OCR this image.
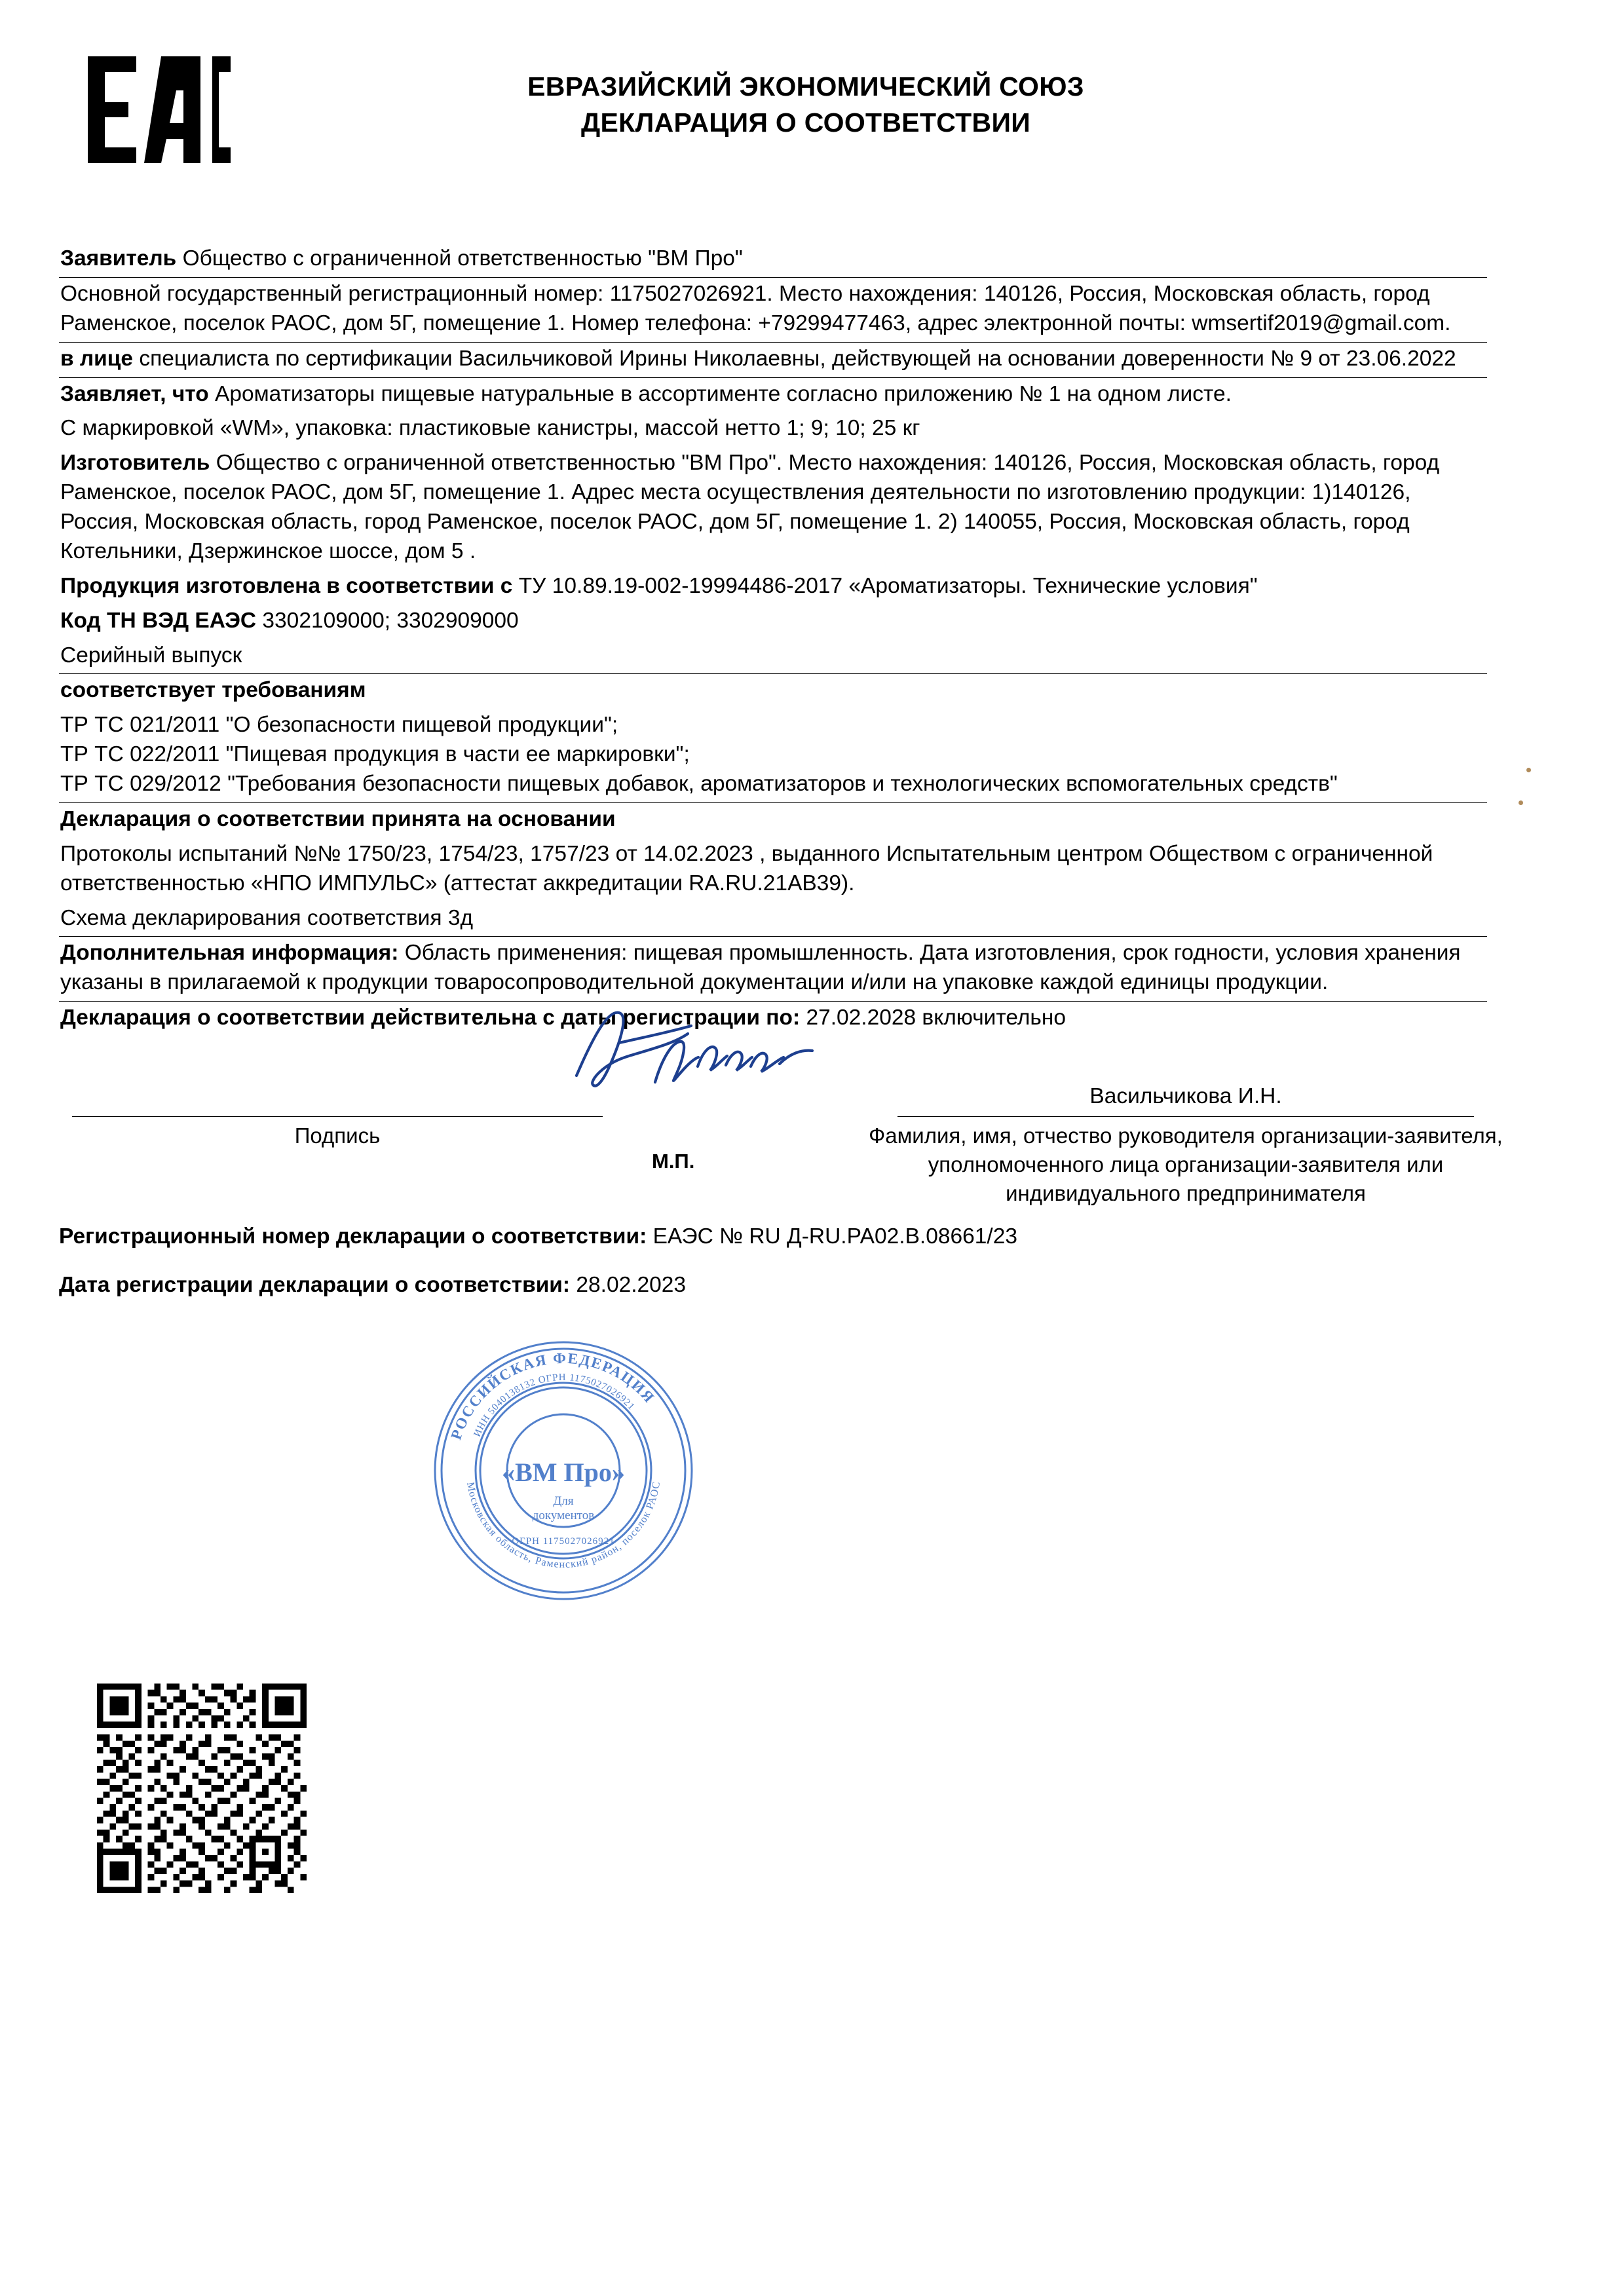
ЕВРАЗИЙСКИЙ ЭКОНОМИЧЕСКИЙ СОЮЗ
ДЕКЛАРАЦИЯ О СООТВЕТСТВИИ

Заявитель Общество с ограниченной ответственностью "ВМ Про"

Основной государственный регистрационный номер: 1175027026921. Место нахождения: 140126, Россия, Московская область, город Раменское, поселок РАОС, дом 5Г, помещение 1. Номер телефона: +79299477463, адрес электронной почты: wmsertif2019@gmail.com.

в лице специалиста по сертификации Васильчиковой Ирины Николаевны, действующей на основании доверенности № 9 от 23.06.2022

Заявляет, что Ароматизаторы пищевые натуральные в ассортименте согласно приложению № 1 на одном листе.

С маркировкой «WM», упаковка: пластиковые канистры, массой нетто 1; 9; 10; 25 кг

Изготовитель Общество с ограниченной ответственностью "ВМ Про". Место нахождения: 140126, Россия, Московская область, город Раменское, поселок РАОС, дом 5Г, помещение 1. Адрес места осуществления деятельности по изготовлению продукции: 1)140126, Россия, Московская область, город Раменское, поселок РАОС, дом 5Г, помещение 1. 2) 140055, Россия, Московская область, город Котельники, Дзержинское шоссе, дом 5 .

Продукция изготовлена в соответствии с ТУ 10.89.19-002-19994486-2017 «Ароматизаторы. Технические условия"

Код ТН ВЭД ЕАЭС 3302109000; 3302909000

Серийный выпуск

соответствует требованиям

ТР ТС 021/2011 "О безопасности пищевой продукции";

ТР ТС 022/2011 "Пищевая продукция в части ее маркировки";

ТР ТС 029/2012 "Требования безопасности пищевых добавок, ароматизаторов и технологических вспомогательных средств"

Декларация о соответствии принята на основании

Протоколы испытаний №№ 1750/23, 1754/23, 1757/23 от 14.02.2023 , выданного Испытательным центром Обществом с ограниченной ответственностью «НПО ИМПУЛЬС» (аттестат аккредитации RA.RU.21АВ39).

Схема декларирования соответствия 3д

Дополнительная информация: Область применения: пищевая промышленность. Дата изготовления, срок годности, условия хранения указаны в прилагаемой к продукции товаросопроводительной документации и/или на упаковке каждой единицы продукции.

Декларация о соответствии действительна с даты регистрации по: 27.02.2028 включительно

Подпись
М.П.
Васильчикова И.Н.
Фамилия, имя, отчество руководителя организации-заявителя, уполномоченного лица организации-заявителя или индивидуального предпринимателя
Регистрационный номер декларации о соответствии: ЕАЭС № RU Д-RU.РА02.В.08661/23
Дата регистрации декларации о соответствии: 28.02.2023
РОССИЙСКАЯ ФЕДЕРАЦИЯ
Московская область, Раменский район, поселок РАОС
ИНН 5040138132 ОГРН 1175027026921
«ВМ Про»
Для
документов
ОГРН 1175027026921
